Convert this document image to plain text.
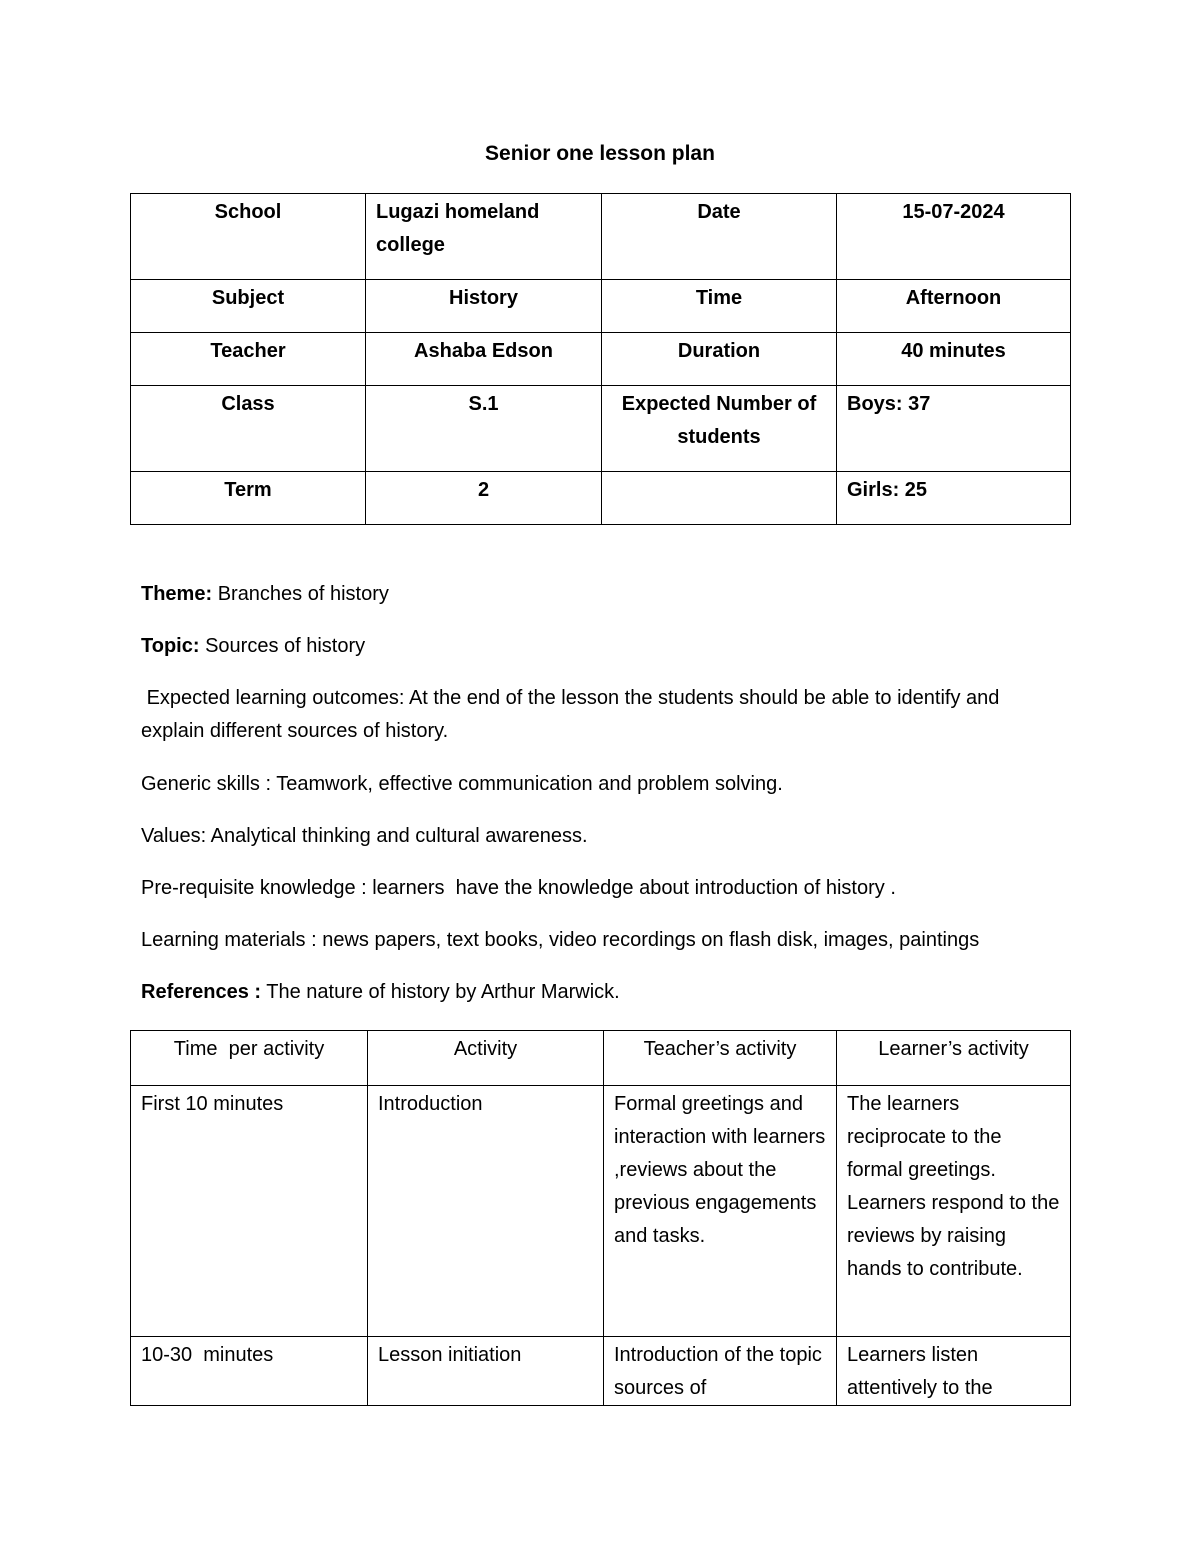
Senior one lesson plan
School	Lugazi homeland college	Date	15-07-2024
Subject	History	Time	Afternoon
Teacher	Ashaba Edson	Duration	40 minutes
Class	S.1	Expected Number of students	Boys: 37
Term	2		Girls: 25
Theme: Branches of history
Topic: Sources of history
Expected learning outcomes: At the end of the lesson the students should be able to identify and explain different sources of history.
Generic skills : Teamwork, effective communication and problem solving.
Values: Analytical thinking and cultural awareness.
Pre-requisite knowledge : learners  have the knowledge about introduction of history .
Learning materials : news papers, text books, video recordings on flash disk, images, paintings
References : The nature of history by Arthur Marwick.
Time  per activity	Activity	Teacher’s activity	Learner’s activity
First 10 minutes	Introduction	Formal greetings and interaction with learners ,reviews about the previous engagements and tasks.	The learners reciprocate to the formal greetings. Learners respond to the reviews by raising hands to contribute.
10-30  minutes	Lesson initiation	Introduction of the topic sources of	Learners listen attentively to the
